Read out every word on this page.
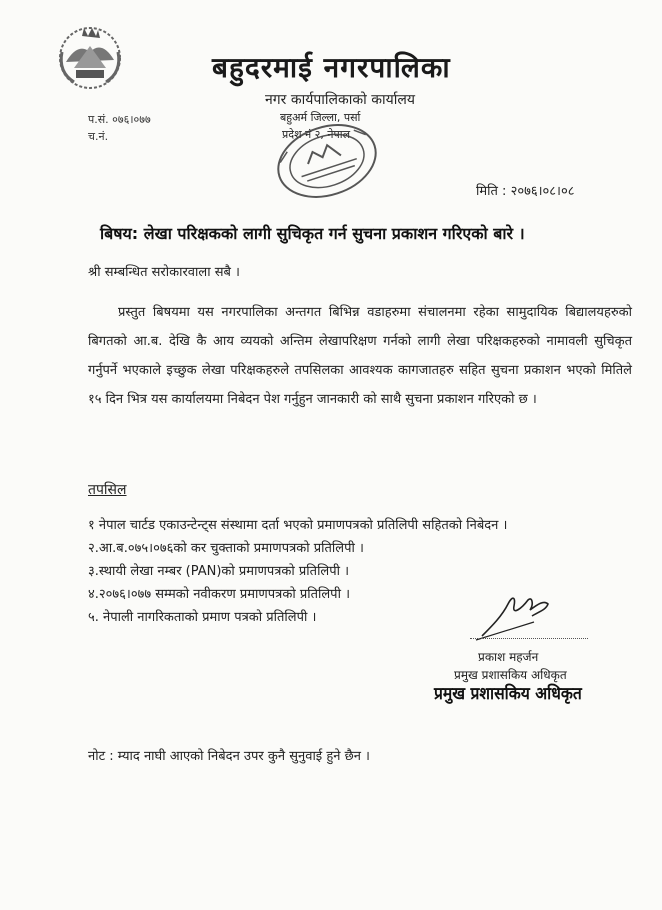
बहुदरमाई नगरपालिका
नगर कार्यपालिकाको कार्यालय
बहुअर्म जिल्ला, पर्सा
प्रदेश नं २, नेपाल
प.सं. ०७६।०७७
च.नं.
मिति : २०७६।०८।०८
बिषय: लेखा परिक्षकको लागी सुचिकृत गर्न सुचना प्रकाशन गरिएको बारे ।
श्री सम्बन्धित सरोकारवाला सबै ।
प्रस्तुत बिषयमा यस नगरपालिका अन्तगत बिभिन्न वडाहरुमा संचालनमा रहेका सामुदायिक बिद्यालयहरुको बिगतको आ.ब. देखि कै आय व्ययको अन्तिम लेखापरिक्षण गर्नको लागी लेखा परिक्षकहरुको नामावली सुचिकृत गर्नुपर्ने भएकाले इच्छुक लेखा परिक्षकहरुले तपसिलका आवश्यक कागजातहरु सहित सुचना प्रकाशन भएको मितिले १५ दिन भित्र यस कार्यालयमा निबेदन पेश गर्नुहुन जानकारी को साथै सुचना प्रकाशन गरिएको छ ।
तपसिल
१ नेपाल चार्टड एकाउन्टेन्ट्स संस्थामा दर्ता भएको प्रमाणपत्रको प्रतिलिपी सहितको निबेदन ।
२.आ.ब.०७५।०७६को कर चुक्ताको प्रमाणपत्रको प्रतिलिपी ।
३.स्थायी लेखा नम्बर (PAN)को प्रमाणपत्रको प्रतिलिपी ।
४.२०७६।०७७ सम्मको नवीकरण प्रमाणपत्रको प्रतिलिपी ।
५. नेपाली नागरिकताको प्रमाण पत्रको प्रतिलिपी ।
प्रकाश महर्जन
प्रमुख प्रशासकिय अधिकृत
प्रमुख प्रशासकिय अधिकृत
नोट : म्याद नाघी आएको निबेदन उपर कुनै सुनुवाई हुने छैन ।
